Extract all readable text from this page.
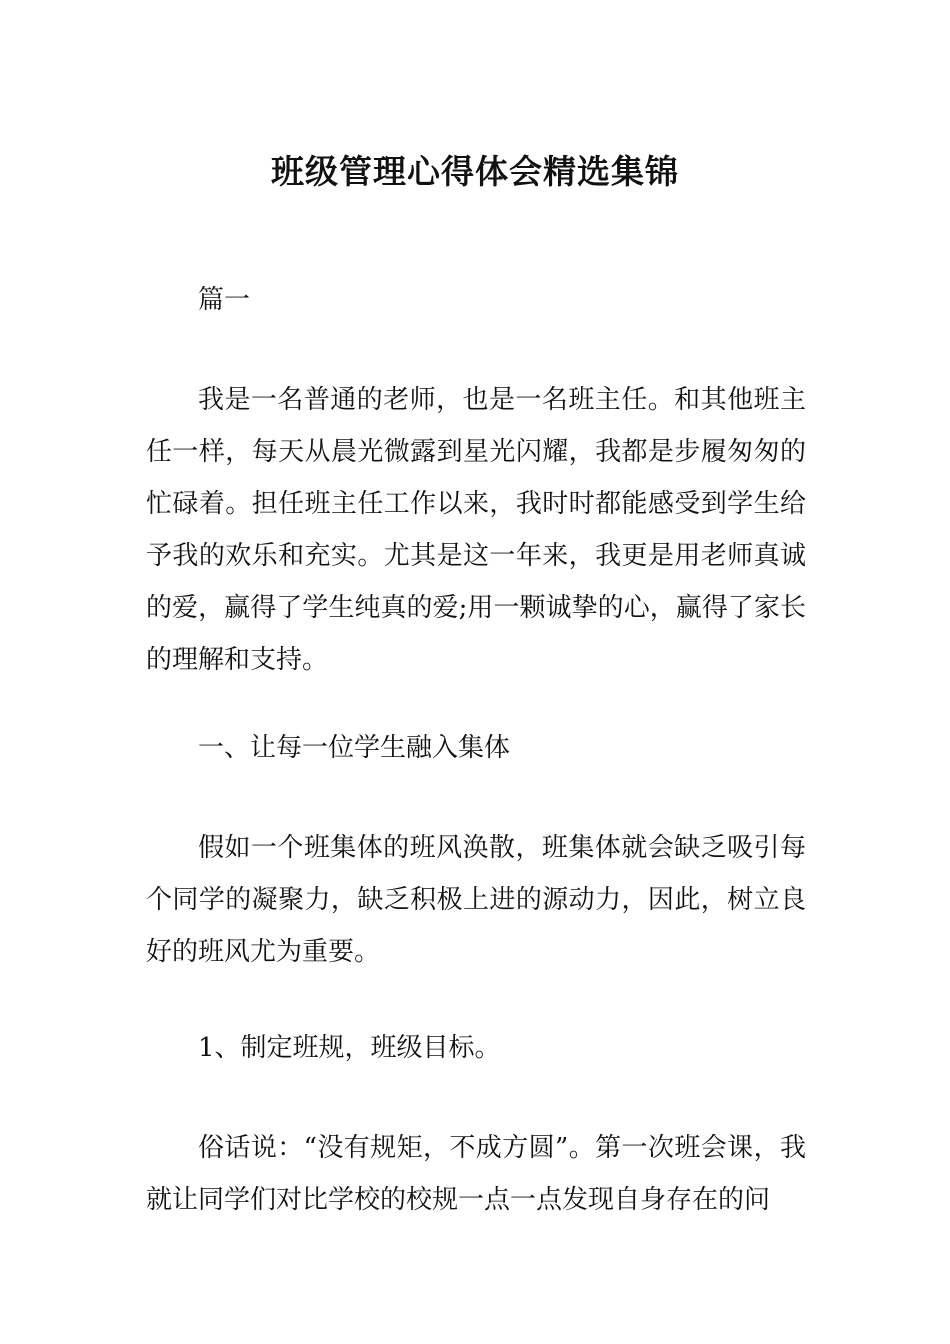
班级管理心得体会精选集锦

篇一

我是一名普通的老师，也是一名班主任。和其他班主任一样，每天从晨光微露到星光闪耀，我都是步履匆匆的忙碌着。担任班主任工作以来，我时时都能感受到学生给予我的欢乐和充实。尤其是这一年来，我更是用老师真诚的爱，赢得了学生纯真的爱;用一颗诚挚的心，赢得了家长的理解和支持。

一、让每一位学生融入集体

假如一个班集体的班风涣散，班集体就会缺乏吸引每个同学的凝聚力，缺乏积极上进的源动力，因此，树立良好的班风尤为重要。

1、制定班规，班级目标。

俗话说：“没有规矩，不成方圆”。第一次班会课，我就让同学们对比学校的校规一点一点发现自身存在的问
